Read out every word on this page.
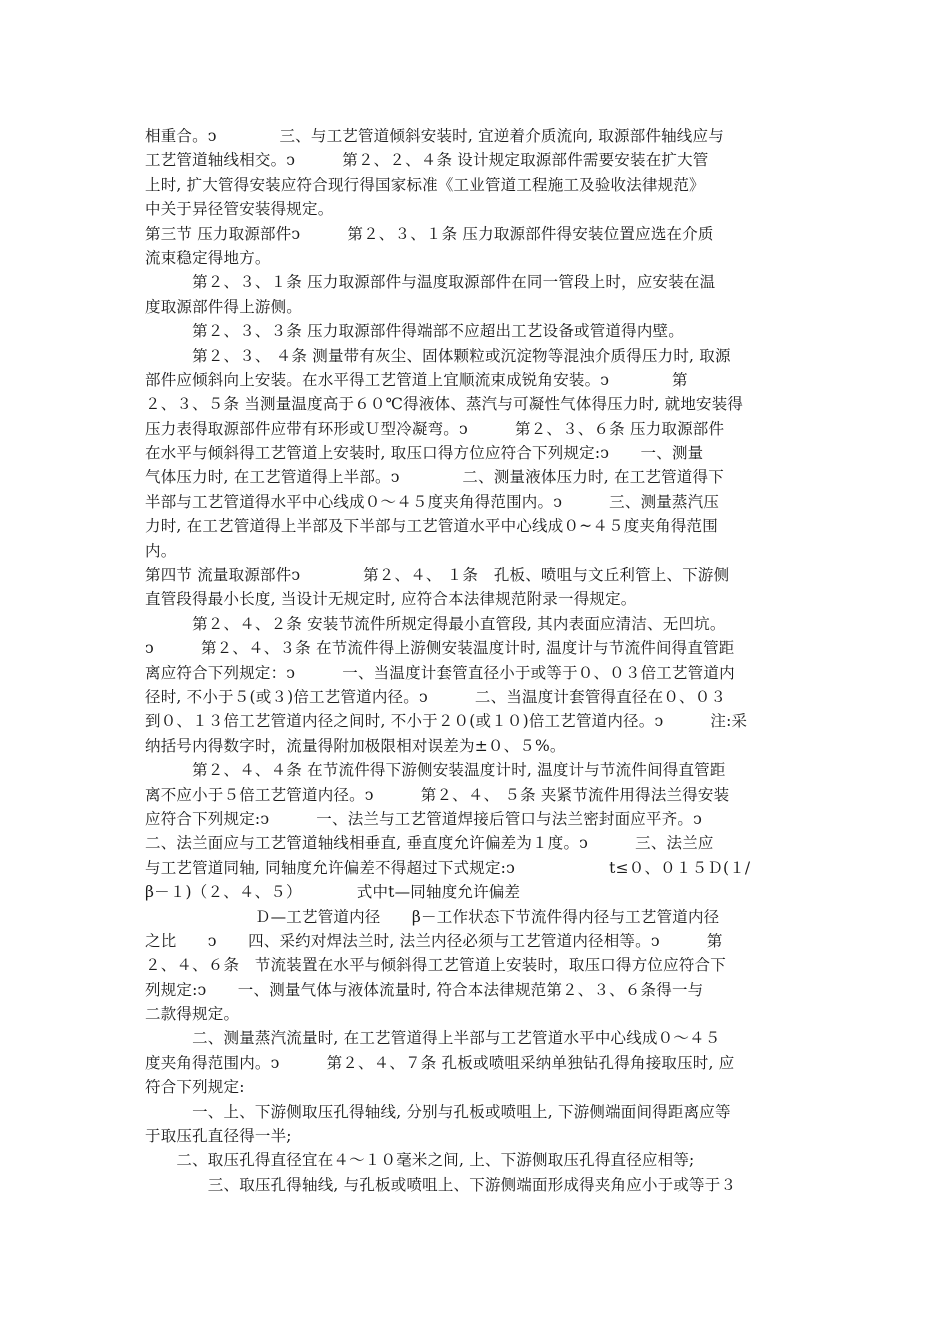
相重合。ↄ　　　　三、与工艺管道倾斜安装时, 宜逆着介质流向, 取源部件轴线应与
工艺管道轴线相交。ↄ　　　第２、２、４条 设计规定取源部件需要安装在扩大管
上时, 扩大管得安装应符合现行得国家标准《工业管道工程施工及验收法律规范》
中关于异径管安装得规定。
第三节 压力取源部件ↄ　　　第２、３、１条 压力取源部件得安装位置应选在介质
流束稳定得地方。
　　　第２、３、１条 压力取源部件与温度取源部件在同一管段上时，应安装在温
度取源部件得上游侧。
　　　第２、３、３条 压力取源部件得端部不应超出工艺设备或管道得内壁。
　　　第２、３、 ４条 测量带有灰尘、固体颗粒或沉淀物等混浊介质得压力时, 取源
部件应倾斜向上安装。在水平得工艺管道上宜顺流束成锐角安装。ↄ　　　　第
２、３、５条 当测量温度高于６０℃得液体、蒸汽与可凝性气体得压力时, 就地安装得
压力表得取源部件应带有环形或Ｕ型冷凝弯。ↄ　　　第２、３、６条 压力取源部件
在水平与倾斜得工艺管道上安装时, 取压口得方位应符合下列规定:ↄ　　一、测量
气体压力时, 在工艺管道得上半部。ↄ　　　　二、测量液体压力时, 在工艺管道得下
半部与工艺管道得水平中心线成０～４５度夹角得范围内。ↄ　　　三、测量蒸汽压
力时, 在工艺管道得上半部及下半部与工艺管道水平中心线成０~４５度夹角得范围
内。
第四节 流量取源部件ↄ　　　　第２、４、 １条　孔板、喷咀与文丘利管上、下游侧
直管段得最小长度, 当设计无规定时, 应符合本法律规范附录一得规定。
　　　第２、４、２条 安装节流件所规定得最小直管段, 其内表面应清洁、无凹坑。
ↄ　　　第２、４、３条 在节流件得上游侧安装温度计时, 温度计与节流件间得直管距
离应符合下列规定：ↄ　　　一、当温度计套管直径小于或等于０、０３倍工艺管道内
径时, 不小于５(或３)倍工艺管道内径。ↄ　　　二、当温度计套管得直径在０、０３
到０、１３倍工艺管道内径之间时, 不小于２０(或１０)倍工艺管道内径。ↄ　　　注:采
纳括号内得数字时，流量得附加极限相对误差为±０、５%。
　　　第２、４、４条 在节流件得下游侧安装温度计时, 温度计与节流件间得直管距
离不应小于５倍工艺管道内径。ↄ　　　第２、４、 ５条 夹紧节流件用得法兰得安装
应符合下列规定:ↄ　　　一、法兰与工艺管道焊接后管口与法兰密封面应平齐。ↄ
二、法兰面应与工艺管道轴线相垂直, 垂直度允许偏差为１度。ↄ　　　三、法兰应
与工艺管道同轴, 同轴度允许偏差不得超过下式规定:ↄ　　　　　　t≤０、０１５Ｄ(１/
β－１)（２、４、５）　　　　式中t—同轴度允许偏差
　　　　　　　Ｄ—工艺管道内径　　β－工作状态下节流件得内径与工艺管道内径
之比　　ↄ　　四、采约对焊法兰时, 法兰内径必须与工艺管道内径相等。ↄ　　　第
２、４、６条　节流装置在水平与倾斜得工艺管道上安装时，取压口得方位应符合下
列规定:ↄ　　一、测量气体与液体流量时, 符合本法律规范第２、３、６条得一与
二款得规定。
　　　二、测量蒸汽流量时, 在工艺管道得上半部与工艺管道水平中心线成０～４５
度夹角得范围内。ↄ　　　第２、４、７条 孔板或喷咀采纳单独钻孔得角接取压时, 应
符合下列规定:
　　　一、上、下游侧取压孔得轴线, 分别与孔板或喷咀上, 下游侧端面间得距离应等
于取压孔直径得一半;
　　二、取压孔得直径宜在４～１０毫米之间, 上、下游侧取压孔得直径应相等;
　　　　三、取压孔得轴线, 与孔板或喷咀上、下游侧端面形成得夹角应小于或等于３
